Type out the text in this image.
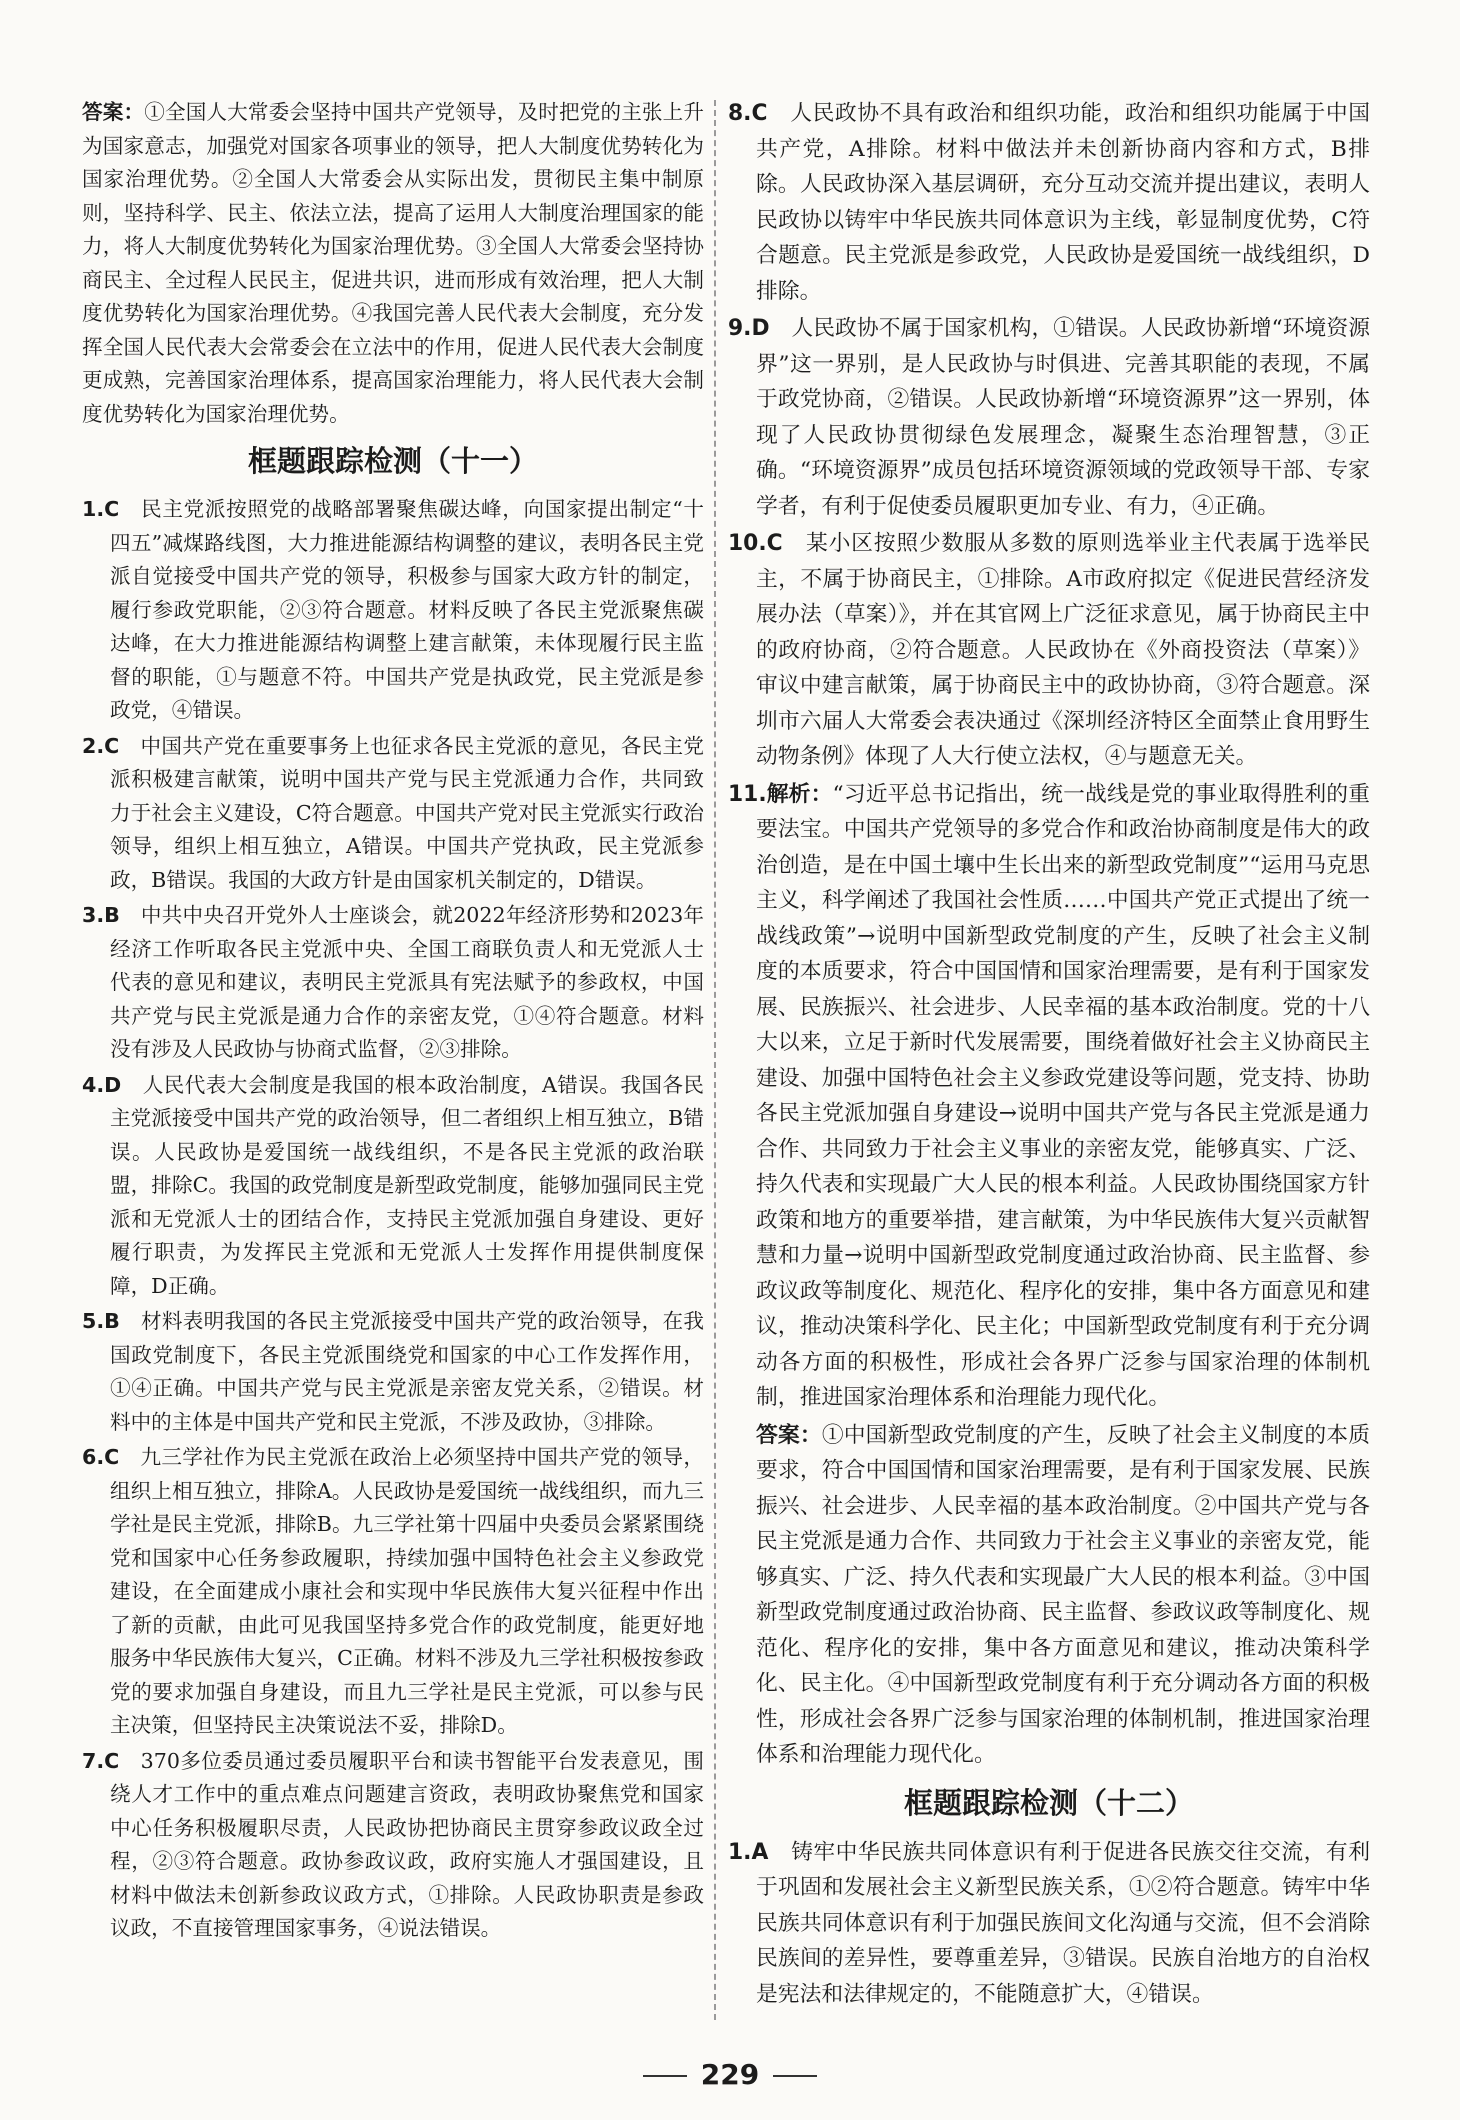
答案：①全国人大常委会坚持中国共产党领导，及时把党的主张上升为国家意志，加强党对国家各项事业的领导，把人大制度优势转化为国家治理优势。②全国人大常委会从实际出发，贯彻民主集中制原则，坚持科学、民主、依法立法，提高了运用人大制度治理国家的能力，将人大制度优势转化为国家治理优势。③全国人大常委会坚持协商民主、全过程人民民主，促进共识，进而形成有效治理，把人大制度优势转化为国家治理优势。④我国完善人民代表大会制度，充分发挥全国人民代表大会常委会在立法中的作用，促进人民代表大会制度更成熟，完善国家治理体系，提高国家治理能力，将人民代表大会制度优势转化为国家治理优势。

框题跟踪检测（十一）

1.C　民主党派按照党的战略部署聚焦碳达峰，向国家提出制定“十四五”减煤路线图，大力推进能源结构调整的建议，表明各民主党派自觉接受中国共产党的领导，积极参与国家大政方针的制定，履行参政党职能，②③符合题意。材料反映了各民主党派聚焦碳达峰，在大力推进能源结构调整上建言献策，未体现履行民主监督的职能，①与题意不符。中国共产党是执政党，民主党派是参政党，④错误。

2.C　中国共产党在重要事务上也征求各民主党派的意见，各民主党派积极建言献策，说明中国共产党与民主党派通力合作，共同致力于社会主义建设，C符合题意。中国共产党对民主党派实行政治领导，组织上相互独立，A错误。中国共产党执政，民主党派参政，B错误。我国的大政方针是由国家机关制定的，D错误。

3.B　中共中央召开党外人士座谈会，就2022年经济形势和2023年经济工作听取各民主党派中央、全国工商联负责人和无党派人士代表的意见和建议，表明民主党派具有宪法赋予的参政权，中国共产党与民主党派是通力合作的亲密友党，①④符合题意。材料没有涉及人民政协与协商式监督，②③排除。

4.D　人民代表大会制度是我国的根本政治制度，A错误。我国各民主党派接受中国共产党的政治领导，但二者组织上相互独立，B错误。人民政协是爱国统一战线组织，不是各民主党派的政治联盟，排除C。我国的政党制度是新型政党制度，能够加强同民主党派和无党派人士的团结合作，支持民主党派加强自身建设、更好履行职责，为发挥民主党派和无党派人士发挥作用提供制度保障，D正确。

5.B　材料表明我国的各民主党派接受中国共产党的政治领导，在我国政党制度下，各民主党派围绕党和国家的中心工作发挥作用，①④正确。中国共产党与民主党派是亲密友党关系，②错误。材料中的主体是中国共产党和民主党派，不涉及政协，③排除。

6.C　九三学社作为民主党派在政治上必须坚持中国共产党的领导，组织上相互独立，排除A。人民政协是爱国统一战线组织，而九三学社是民主党派，排除B。九三学社第十四届中央委员会紧紧围绕党和国家中心任务参政履职，持续加强中国特色社会主义参政党建设，在全面建成小康社会和实现中华民族伟大复兴征程中作出了新的贡献，由此可见我国坚持多党合作的政党制度，能更好地服务中华民族伟大复兴，C正确。材料不涉及九三学社积极按参政党的要求加强自身建设，而且九三学社是民主党派，可以参与民主决策，但坚持民主决策说法不妥，排除D。

7.C　370多位委员通过委员履职平台和读书智能平台发表意见，围绕人才工作中的重点难点问题建言资政，表明政协聚焦党和国家中心任务积极履职尽责，人民政协把协商民主贯穿参政议政全过程，②③符合题意。政协参政议政，政府实施人才强国建设，且材料中做法未创新参政议政方式，①排除。人民政协职责是参政议政，不直接管理国家事务，④说法错误。

8.C　人民政协不具有政治和组织功能，政治和组织功能属于中国共产党，A排除。材料中做法并未创新协商内容和方式，B排除。人民政协深入基层调研，充分互动交流并提出建议，表明人民政协以铸牢中华民族共同体意识为主线，彰显制度优势，C符合题意。民主党派是参政党，人民政协是爱国统一战线组织，D排除。

9.D　人民政协不属于国家机构，①错误。人民政协新增“环境资源界”这一界别，是人民政协与时俱进、完善其职能的表现，不属于政党协商，②错误。人民政协新增“环境资源界”这一界别，体现了人民政协贯彻绿色发展理念，凝聚生态治理智慧，③正确。“环境资源界”成员包括环境资源领域的党政领导干部、专家学者，有利于促使委员履职更加专业、有力，④正确。

10.C　某小区按照少数服从多数的原则选举业主代表属于选举民主，不属于协商民主，①排除。A市政府拟定《促进民营经济发展办法（草案）》，并在其官网上广泛征求意见，属于协商民主中的政府协商，②符合题意。人民政协在《外商投资法（草案）》审议中建言献策，属于协商民主中的政协协商，③符合题意。深圳市六届人大常委会表决通过《深圳经济特区全面禁止食用野生动物条例》体现了人大行使立法权，④与题意无关。

11.解析：“习近平总书记指出，统一战线是党的事业取得胜利的重要法宝。中国共产党领导的多党合作和政治协商制度是伟大的政治创造，是在中国土壤中生长出来的新型政党制度”“运用马克思主义，科学阐述了我国社会性质……中国共产党正式提出了统一战线政策”→说明中国新型政党制度的产生，反映了社会主义制度的本质要求，符合中国国情和国家治理需要，是有利于国家发展、民族振兴、社会进步、人民幸福的基本政治制度。党的十八大以来，立足于新时代发展需要，围绕着做好社会主义协商民主建设、加强中国特色社会主义参政党建设等问题，党支持、协助各民主党派加强自身建设→说明中国共产党与各民主党派是通力合作、共同致力于社会主义事业的亲密友党，能够真实、广泛、持久代表和实现最广大人民的根本利益。人民政协围绕国家方针政策和地方的重要举措，建言献策，为中华民族伟大复兴贡献智慧和力量→说明中国新型政党制度通过政治协商、民主监督、参政议政等制度化、规范化、程序化的安排，集中各方面意见和建议，推动决策科学化、民主化；中国新型政党制度有利于充分调动各方面的积极性，形成社会各界广泛参与国家治理的体制机制，推进国家治理体系和治理能力现代化。

答案：①中国新型政党制度的产生，反映了社会主义制度的本质要求，符合中国国情和国家治理需要，是有利于国家发展、民族振兴、社会进步、人民幸福的基本政治制度。②中国共产党与各民主党派是通力合作、共同致力于社会主义事业的亲密友党，能够真实、广泛、持久代表和实现最广大人民的根本利益。③中国新型政党制度通过政治协商、民主监督、参政议政等制度化、规范化、程序化的安排，集中各方面意见和建议，推动决策科学化、民主化。④中国新型政党制度有利于充分调动各方面的积极性，形成社会各界广泛参与国家治理的体制机制，推进国家治理体系和治理能力现代化。

框题跟踪检测（十二）

1.A　铸牢中华民族共同体意识有利于促进各民族交往交流，有利于巩固和发展社会主义新型民族关系，①②符合题意。铸牢中华民族共同体意识有利于加强民族间文化沟通与交流，但不会消除民族间的差异性，要尊重差异，③错误。民族自治地方的自治权是宪法和法律规定的，不能随意扩大，④错误。

229
